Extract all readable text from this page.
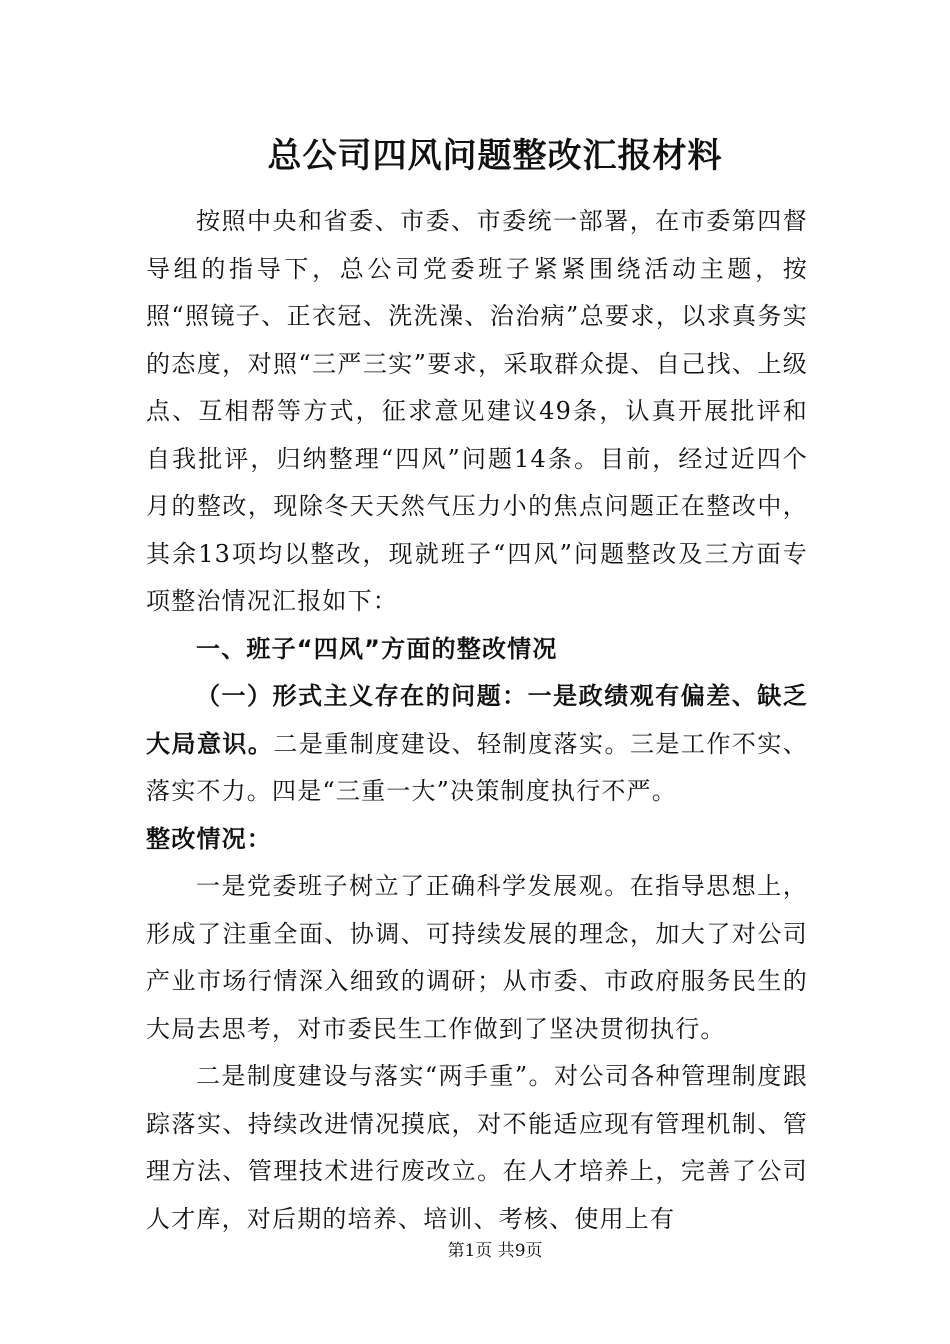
总公司四风问题整改汇报材料

按照中央和省委、市委、市委统一部署，在市委第四督导组的指导下，总公司党委班子紧紧围绕活动主题，按照“照镜子、正衣冠、洗洗澡、治治病”总要求，以求真务实的态度，对照“三严三实”要求，采取群众提、自己找、上级点、互相帮等方式，征求意见建议49条，认真开展批评和自我批评，归纳整理“四风”问题14条。目前，经过近四个月的整改，现除冬天天然气压力小的焦点问题正在整改中，其余13项均以整改，现就班子“四风”问题整改及三方面专项整治情况汇报如下：

一、班子“四风”方面的整改情况

（一）形式主义存在的问题：一是政绩观有偏差、缺乏大局意识。二是重制度建设、轻制度落实。三是工作不实、落实不力。四是“三重一大”决策制度执行不严。

整改情况：

一是党委班子树立了正确科学发展观。在指导思想上，形成了注重全面、协调、可持续发展的理念，加大了对公司产业市场行情深入细致的调研；从市委、市政府服务民生的大局去思考，对市委民生工作做到了坚决贯彻执行。

二是制度建设与落实“两手重”。对公司各种管理制度跟踪落实、持续改进情况摸底，对不能适应现有管理机制、管理方法、管理技术进行废改立。在人才培养上，完善了公司人才库，对后期的培养、培训、考核、使用上有

第1页 共9页
